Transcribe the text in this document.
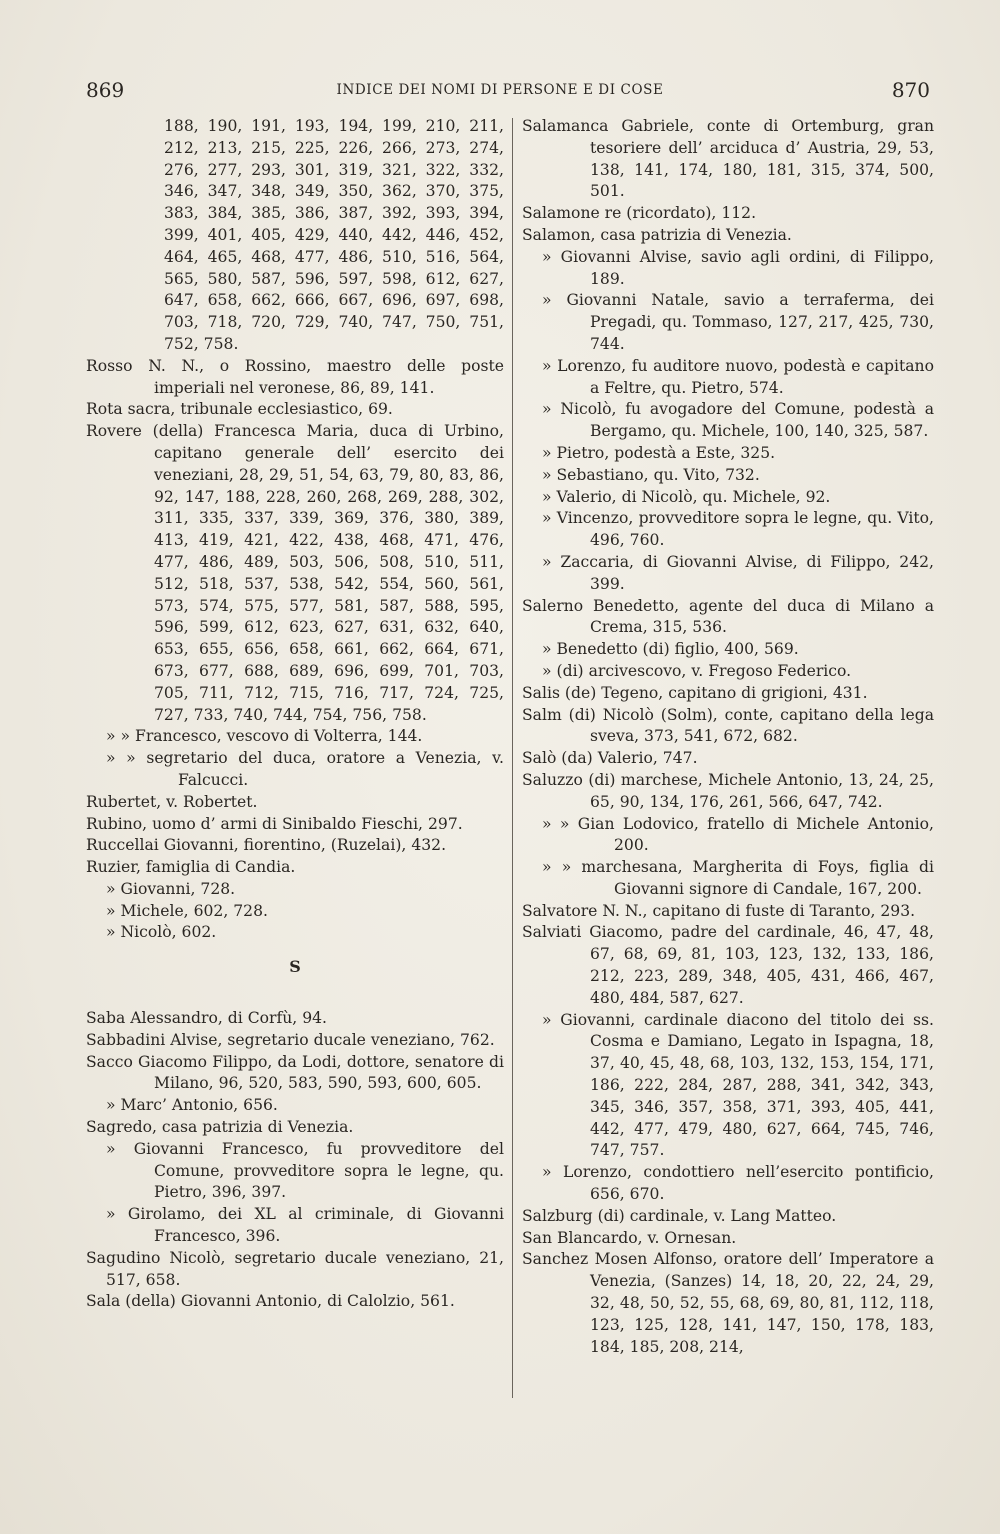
869	INDICE DEI NOMI DI PERSONE E DI COSE	870

188, 190, 191, 193, 194, 199, 210, 211, 212, 213, 215, 225, 226, 266, 273, 274, 276, 277, 293, 301, 319, 321, 322, 332, 346, 347, 348, 349, 350, 362, 370, 375, 383, 384, 385, 386, 387, 392, 393, 394, 399, 401, 405, 429, 440, 442, 446, 452, 464, 465, 468, 477, 486, 510, 516, 564, 565, 580, 587, 596, 597, 598, 612, 627, 647, 658, 662, 666, 667, 696, 697, 698, 703, 718, 720, 729, 740, 747, 750, 751, 752, 758.

Rosso N. N., o Rossino, maestro delle poste imperiali nel veronese, 86, 89, 141.

Rota sacra, tribunale ecclesiastico, 69.

Rovere (della) Francesca Maria, duca di Urbino, capitano generale dell’ esercito dei veneziani, 28, 29, 51, 54, 63, 79, 80, 83, 86, 92, 147, 188, 228, 260, 268, 269, 288, 302, 311, 335, 337, 339, 369, 376, 380, 389, 413, 419, 421, 422, 438, 468, 471, 476, 477, 486, 489, 503, 506, 508, 510, 511, 512, 518, 537, 538, 542, 554, 560, 561, 573, 574, 575, 577, 581, 587, 588, 595, 596, 599, 612, 623, 627, 631, 632, 640, 653, 655, 656, 658, 661, 662, 664, 671, 673, 677, 688, 689, 696, 699, 701, 703, 705, 711, 712, 715, 716, 717, 724, 725, 727, 733, 740, 744, 754, 756, 758.

» » Francesco, vescovo di Volterra, 144.

» » segretario del duca, oratore a Venezia, v. Falcucci.

Rubertet, v. Robertet.

Rubino, uomo d’ armi di Sinibaldo Fieschi, 297.

Ruccellai Giovanni, fiorentino, (Ruzelai), 432.

Ruzier, famiglia di Candia.

» Giovanni, 728.

» Michele, 602, 728.

» Nicolò, 602.

S

Saba Alessandro, di Corfù, 94.

Sabbadini Alvise, segretario ducale veneziano, 762.

Sacco Giacomo Filippo, da Lodi, dottore, senatore di Milano, 96, 520, 583, 590, 593, 600, 605.

» Marc’ Antonio, 656.

Sagredo, casa patrizia di Venezia.

» Giovanni Francesco, fu provveditore del Comune, provveditore sopra le legne, qu. Pietro, 396, 397.

» Girolamo, dei XL al criminale, di Giovanni Francesco, 396.

Sagudino Nicolò, segretario ducale veneziano, 21, 517, 658.

Sala (della) Giovanni Antonio, di Calolzio, 561.

Salamanca Gabriele, conte di Ortemburg, gran tesoriere dell’ arciduca d’ Austria, 29, 53, 138, 141, 174, 180, 181, 315, 374, 500, 501.

Salamone re (ricordato), 112.

Salamon, casa patrizia di Venezia.

» Giovanni Alvise, savio agli ordini, di Filippo, 189.

» Giovanni Natale, savio a terraferma, dei Pregadi, qu. Tommaso, 127, 217, 425, 730, 744.

» Lorenzo, fu auditore nuovo, podestà e capitano a Feltre, qu. Pietro, 574.

» Nicolò, fu avogadore del Comune, podestà a Bergamo, qu. Michele, 100, 140, 325, 587.

» Pietro, podestà a Este, 325.

» Sebastiano, qu. Vito, 732.

» Valerio, di Nicolò, qu. Michele, 92.

» Vincenzo, provveditore sopra le legne, qu. Vito, 496, 760.

» Zaccaria, di Giovanni Alvise, di Filippo, 242, 399.

Salerno Benedetto, agente del duca di Milano a Crema, 315, 536.

» Benedetto (di) figlio, 400, 569.

» (di) arcivescovo, v. Fregoso Federico.

Salis (de) Tegeno, capitano di grigioni, 431.

Salm (di) Nicolò (Solm), conte, capitano della lega sveva, 373, 541, 672, 682.

Salò (da) Valerio, 747.

Saluzzo (di) marchese, Michele Antonio, 13, 24, 25, 65, 90, 134, 176, 261, 566, 647, 742.

» » Gian Lodovico, fratello di Michele Antonio, 200.

» » marchesana, Margherita di Foys, figlia di Giovanni signore di Candale, 167, 200.

Salvatore N. N., capitano di fuste di Taranto, 293.

Salviati Giacomo, padre del cardinale, 46, 47, 48, 67, 68, 69, 81, 103, 123, 132, 133, 186, 212, 223, 289, 348, 405, 431, 466, 467, 480, 484, 587, 627.

» Giovanni, cardinale diacono del titolo dei ss. Cosma e Damiano, Legato in Ispagna, 18, 37, 40, 45, 48, 68, 103, 132, 153, 154, 171, 186, 222, 284, 287, 288, 341, 342, 343, 345, 346, 357, 358, 371, 393, 405, 441, 442, 477, 479, 480, 627, 664, 745, 746, 747, 757.

» Lorenzo, condottiero nell’esercito pontificio, 656, 670.

Salzburg (di) cardinale, v. Lang Matteo.

San Blancardo, v. Ornesan.

Sanchez Mosen Alfonso, oratore dell’ Imperatore a Venezia, (Sanzes) 14, 18, 20, 22, 24, 29, 32, 48, 50, 52, 55, 68, 69, 80, 81, 112, 118, 123, 125, 128, 141, 147, 150, 178, 183, 184, 185, 208, 214,
